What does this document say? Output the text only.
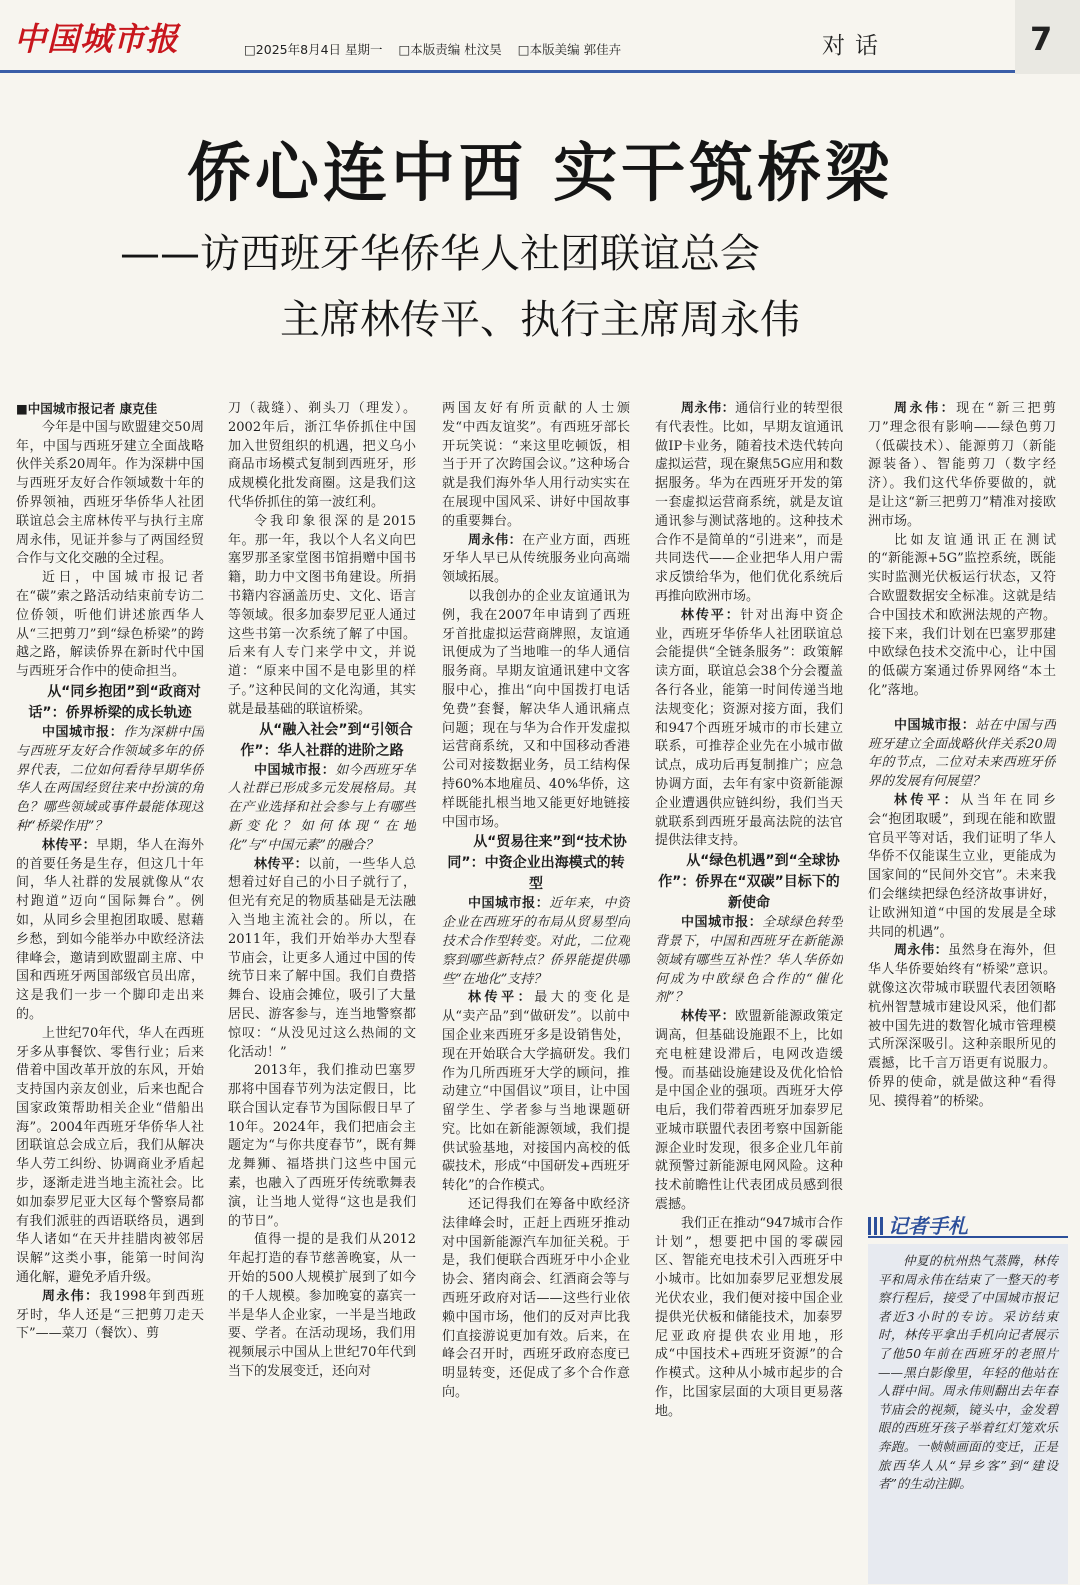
中国城市报	□2025年8月4日 星期一 □本版责编 杜汶昊 □本版美编 郭佳卉	对话	7
侨心连中西 实干筑桥梁
——访西班牙华侨华人社团联谊总会
主席林传平、执行主席周永伟

■中国城市报记者 康克佳

今年是中国与欧盟建交50周年，中国与西班牙建立全面战略伙伴关系20周年。作为深耕中国与西班牙友好合作领域数十年的侨界领袖，西班牙华侨华人社团联谊总会主席林传平与执行主席周永伟，见证并参与了两国经贸合作与文化交融的全过程。

近日，中国城市报记者在“碳”索之路活动结束前专访二位侨领，听他们讲述旅西华人从“三把剪刀”到“绿色桥梁”的跨越之路，解读侨界在新时代中国与西班牙合作中的使命担当。

从“同乡抱团”到“政商对话”：侨界桥梁的成长轨迹

中国城市报：作为深耕中国与西班牙友好合作领域多年的侨界代表，二位如何看待早期华侨华人在两国经贸往来中扮演的角色？哪些领域或事件最能体现这种“桥梁作用”？

林传平：早期，华人在海外的首要任务是生存，但这几十年间，华人社群的发展就像从“农村跑道”迈向“国际舞台”。例如，从同乡会里抱团取暖、慰藉乡愁，到如今能举办中欧经济法律峰会，邀请到欧盟副主席、中国和西班牙两国部级官员出席，这是我们一步一个脚印走出来的。

上世纪70年代，华人在西班牙多从事餐饮、零售行业；后来借着中国改革开放的东风，开始支持国内亲友创业，后来也配合国家政策帮助相关企业“借船出海”。2004年西班牙华侨华人社团联谊总会成立后，我们从解决华人劳工纠纷、协调商业矛盾起步，逐渐走进当地主流社会。比如加泰罗尼亚大区每个警察局都有我们派驻的西语联络员，遇到华人诸如“在天井挂腊肉被邻居误解”这类小事，能第一时间沟通化解，避免矛盾升级。

周永伟：我1998年到西班牙时，华人还是“三把剪刀走天下”——菜刀（餐饮）、剪

刀（裁缝）、剃头刀（理发）。2002年后，浙江华侨抓住中国加入世贸组织的机遇，把义乌小商品市场模式复制到西班牙，形成规模化批发商圈。这是我们这代华侨抓住的第一波红利。

令我印象很深的是2015年。那一年，我以个人名义向巴塞罗那圣家堂图书馆捐赠中国书籍，助力中文图书角建设。所捐书籍内容涵盖历史、文化、语言等领域。很多加泰罗尼亚人通过这些书第一次系统了解了中国。后来有人专门来学中文，并说道：“原来中国不是电影里的样子。”这种民间的文化沟通，其实就是最基础的联谊桥梁。

从“融入社会”到“引领合作”：华人社群的进阶之路

中国城市报：如今西班牙华人社群已形成多元发展格局。其在产业选择和社会参与上有哪些新变化？如何体现“在地化”与“中国元素”的融合？

林传平：以前，一些华人总想着过好自己的小日子就行了，但光有充足的物质基础是无法融入当地主流社会的。所以，在2011年，我们开始举办大型春节庙会，让更多人通过中国的传统节日来了解中国。我们自费搭舞台、设庙会摊位，吸引了大量居民、游客参与，连当地警察都惊叹：“从没见过这么热闹的文化活动！”

2013年，我们推动巴塞罗那将中国春节列为法定假日，比联合国认定春节为国际假日早了10年。2024年，我们把庙会主题定为“与你共度春节”，既有舞龙舞狮、福塔拱门这些中国元素，也融入了西班牙传统歌舞表演，让当地人觉得“这也是我们的节日”。

值得一提的是我们从2012年起打造的春节慈善晚宴，从一开始的500人规模扩展到了如今的千人规模。参加晚宴的嘉宾一半是华人企业家，一半是当地政要、学者。在活动现场，我们用视频展示中国从上世纪70年代到当下的发展变迁，还向对

两国友好有所贡献的人士颁发“中西友谊奖”。有西班牙部长开玩笑说：“来这里吃顿饭，相当于开了次跨国会议。”这种场合就是我们海外华人用行动实实在在展现中国风采、讲好中国故事的重要舞台。

周永伟：在产业方面，西班牙华人早已从传统服务业向高端领域拓展。

以我创办的企业友谊通讯为例，我在2007年申请到了西班牙首批虚拟运营商牌照，友谊通讯便成为了当地唯一的华人通信服务商。早期友谊通讯建中文客服中心，推出“向中国拨打电话免费”套餐，解决华人通讯痛点问题；现在与华为合作开发虚拟运营商系统，又和中国移动香港公司对接数据业务，员工结构保持60%本地雇员、40%华侨，这样既能扎根当地又能更好地链接中国市场。

从“贸易往来”到“技术协同”：中资企业出海模式的转型

中国城市报：近年来，中资企业在西班牙的布局从贸易型向技术合作型转变。对此，二位观察到哪些新特点？侨界能提供哪些“在地化”支持？

林传平：最大的变化是从“卖产品”到“做研发”。以前中国企业来西班牙多是设销售处，现在开始联合大学搞研发。我们作为几所西班牙大学的顾问，推动建立“中国倡议”项目，让中国留学生、学者参与当地课题研究。比如在新能源领域，我们提供试验基地，对接国内高校的低碳技术，形成“中国研发+西班牙转化”的合作模式。

还记得我们在筹备中欧经济法律峰会时，正赶上西班牙推动对中国新能源汽车加征关税。于是，我们便联合西班牙中小企业协会、猪肉商会、红酒商会等与西班牙政府对话——这些行业依赖中国市场，他们的反对声比我们直接游说更加有效。后来，在峰会召开时，西班牙政府态度已明显转变，还促成了多个合作意向。

周永伟：通信行业的转型很有代表性。比如，早期友谊通讯做IP卡业务，随着技术迭代转向虚拟运营，现在聚焦5G应用和数据服务。华为在西班牙开发的第一套虚拟运营商系统，就是友谊通讯参与测试落地的。这种技术合作不是简单的“引进来”，而是共同迭代——企业把华人用户需求反馈给华为，他们优化系统后再推向欧洲市场。

林传平：针对出海中资企业，西班牙华侨华人社团联谊总会能提供“全链条服务”：政策解读方面，联谊总会38个分会覆盖各行各业，能第一时间传递当地法规变化；资源对接方面，我们和947个西班牙城市的市长建立联系，可推荐企业先在小城市做试点，成功后再复制推广；应急协调方面，去年有家中资新能源企业遭遇供应链纠纷，我们当天就联系到西班牙最高法院的法官提供法律支持。

从“绿色机遇”到“全球协作”：侨界在“双碳”目标下的新使命

中国城市报：全球绿色转型背景下，中国和西班牙在新能源领域有哪些互补性？华人华侨如何成为中欧绿色合作的“催化剂”？

林传平：欧盟新能源政策定调高，但基础设施跟不上，比如充电桩建设滞后，电网改造缓慢。而基础设施建设及优化恰恰是中国企业的强项。西班牙大停电后，我们带着西班牙加泰罗尼亚城市联盟代表团考察中国新能源企业时发现，很多企业几年前就预警过新能源电网风险。这种技术前瞻性让代表团成员感到很震撼。

我们正在推动“947城市合作计划”，想要把中国的零碳园区、智能充电技术引入西班牙中小城市。比如加泰罗尼亚想发展光伏农业，我们便对接中国企业提供光伏板和储能技术，加泰罗尼亚政府提供农业用地，形成“中国技术+西班牙资源”的合作模式。这种从小城市起步的合作，比国家层面的大项目更易落地。

周永伟：现在“新三把剪刀”理念很有影响——绿色剪刀（低碳技术）、能源剪刀（新能源装备）、智能剪刀（数字经济）。我们这代华侨要做的，就是让这“新三把剪刀”精准对接欧洲市场。

比如友谊通讯正在测试的“新能源+5G”监控系统，既能实时监测光伏板运行状态，又符合欧盟数据安全标准。这就是结合中国技术和欧洲法规的产物。接下来，我们计划在巴塞罗那建中欧绿色技术交流中心，让中国的低碳方案通过侨界网络“本土化”落地。

中国城市报：站在中国与西班牙建立全面战略伙伴关系20周年的节点，二位对未来西班牙侨界的发展有何展望？

林传平：从当年在同乡会“抱团取暖”，到现在能和欧盟官员平等对话，我们证明了华人华侨不仅能谋生立业，更能成为国家间的“民间外交官”。未来我们会继续把绿色经济故事讲好，让欧洲知道“中国的发展是全球共同的机遇”。

周永伟：虽然身在海外，但华人华侨要始终有“桥梁”意识。就像这次带城市联盟代表团领略杭州智慧城市建设风采，他们都被中国先进的数智化城市管理模式所深深吸引。这种亲眼所见的震撼，比千言万语更有说服力。侨界的使命，就是做这种“看得见、摸得着”的桥梁。

记者手札

仲夏的杭州热气蒸腾，林传平和周永伟在结束了一整天的考察行程后，接受了中国城市报记者近3小时的专访。采访结束时，林传平拿出手机向记者展示了他50年前在西班牙的老照片——黑白影像里，年轻的他站在人群中间。周永伟则翻出去年春节庙会的视频，镜头中，金发碧眼的西班牙孩子举着红灯笼欢乐奔跑。一帧帧画面的变迁，正是旅西华人从“异乡客”到“建设者”的生动注脚。
